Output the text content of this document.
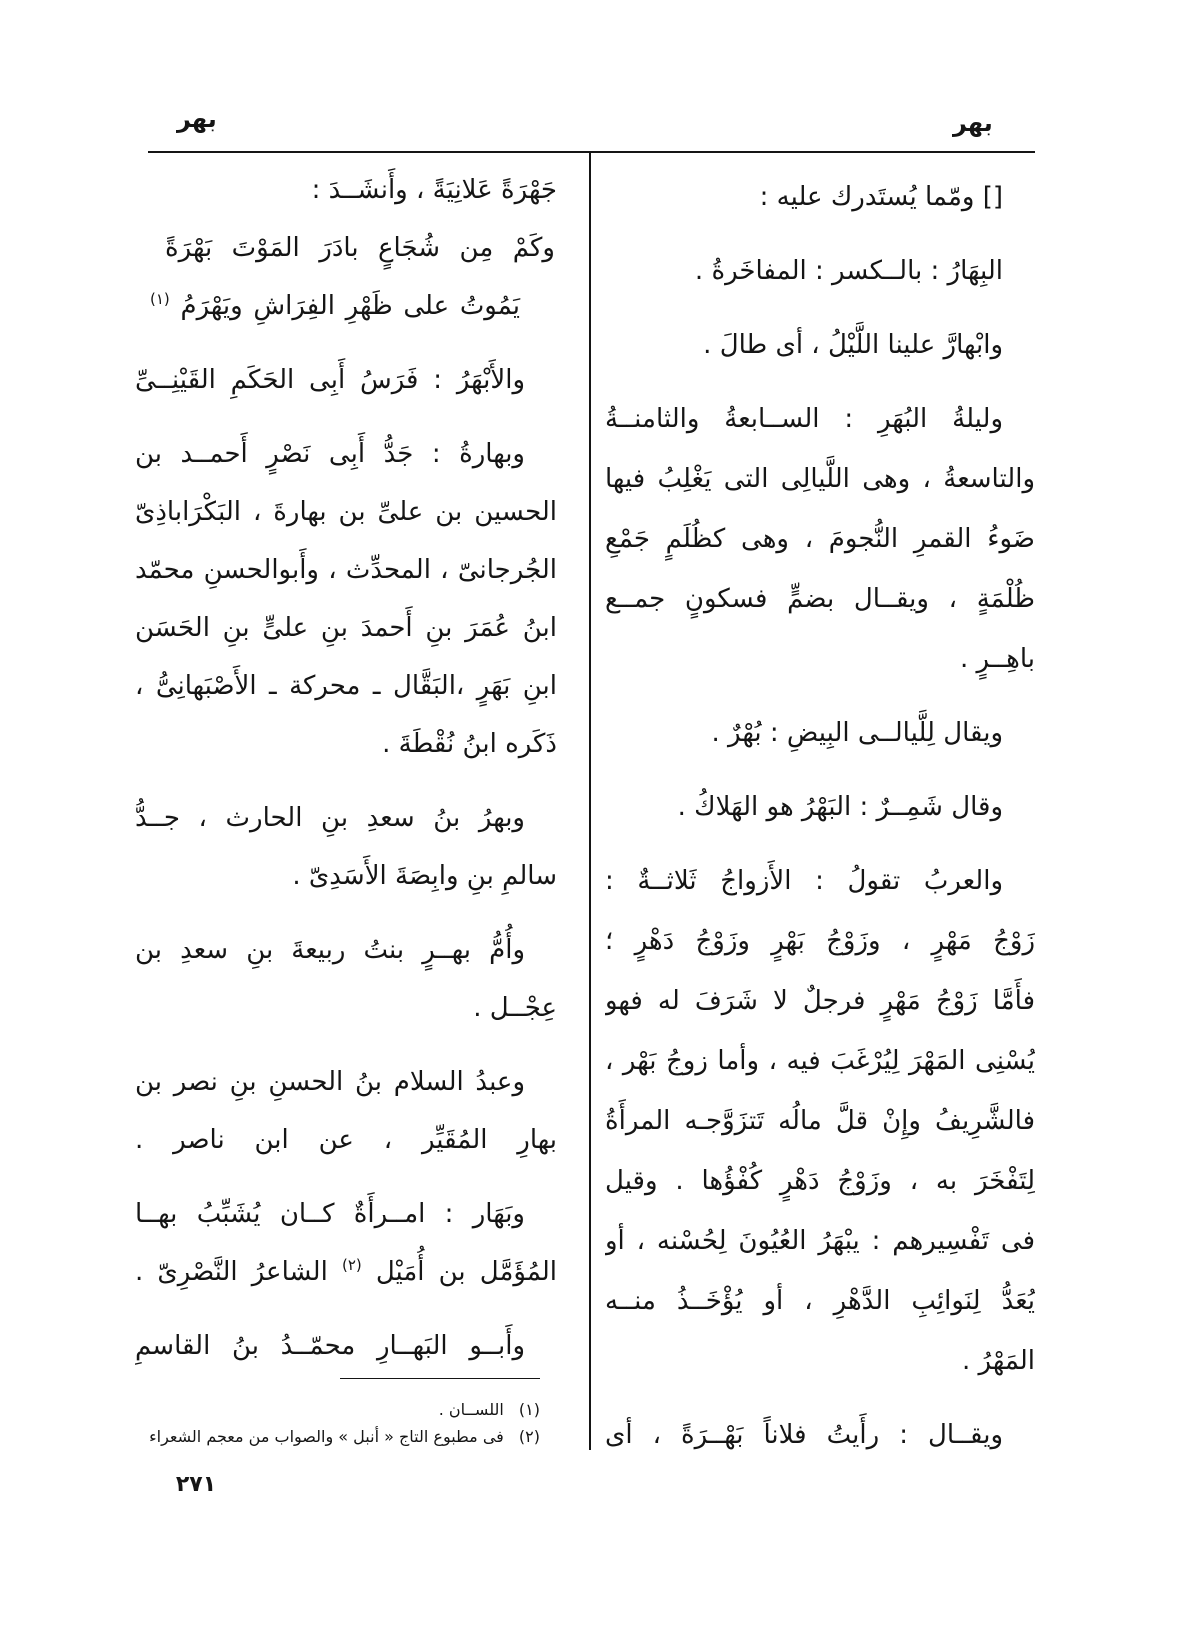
بهر
بهر
[] ومّما يُستَدرك عليه :
البِهَارُ : بالــكسر : المفاخَرةُ .
وابْهارَّ علينا اللَّيْلُ ، أى طالَ .
وليلةُ البُهَرِ : الســابعةُ والثامنــةُ
والتاسعةُ ، وهى اللَّيالِى التى يَغْلِبُ فيها
ضَوءُ القمرِ النُّجومَ ، وهى كظُلَمٍ جَمْعِ
ظُلْمَةٍ ، ويقــال بضمٍّ فسكونٍ جمــع
باهِــرٍ .
ويقال لِلَّيالــى البِيضِ : بُهْرٌ .
وقال شَمِــرٌ : البَهْرُ هو الهَلاكُ .
والعربُ تقولُ : الأَزواجُ ثَلاثــةٌ :
زَوْجُ مَهْرٍ ، وزَوْجُ بَهْرٍ وزَوْجُ دَهْرٍ ؛
فأَمَّا زَوْجُ مَهْرٍ فرجلٌ لا شَرَفَ له فهو
يُسْنِى المَهْرَ لِيُرْغَبَ فيه ، وأما زوجُ بَهْر ،
فالشَّرِيفُ وإِنْ قلَّ مالُه تَتزَوَّجـه المرأَةُ
لِتَفْخَرَ به ، وزَوْجُ دَهْرٍ كُفْؤُها . وقيل
فى تَفْسِيرهم : يبْهَرُ العُيُونَ لِحُسْنه ، أو
يُعَدُّ لِنَوائِبِ الدَّهْرِ ، أو يُؤْخَــذُ منــه
المَهْرُ .
ويقــال : رأَيتُ فلاناً بَهْــرَةً ، أى
جَهْرَةً عَلانِيَةً ، وأَنشَــدَ :
وكَمْ مِن شُجَاعٍ بادَرَ المَوْتَ بَهْرَةً
يَمُوتُ على ظَهْرِ الفِرَاشِ ويَهْرَمُ $^{(١)}$
والأَبْهَرُ : فَرَسُ أَبِى الحَكَمِ القَيْنِــىِّ
وبهارةُ : جَدُّ أَبِى نَصْرٍ أَحمــد بن
الحسين بن علىِّ بن بهارةَ ، البَكْرَاباذِىّ
الجُرجانىّ ، المحدِّث ، وأَبوالحسنِ محمّد
ابنُ عُمَرَ بنِ أَحمدَ بنِ علىٍّ بنِ الحَسَن
ابنِ بَهَرٍ ،البَقَّال ـ محركة ـ الأَصْبَهانِىُّ ،
ذَكَره ابنُ نُقْطَةَ .
وبهرُ بنُ سعدِ بنِ الحارث ، جــدُّ
سالمِ بنِ وابِصَةَ الأَسَدِىّ .
وأُمُّ بهــرٍ بنتُ ربيعةَ بنِ سعدِ بن
عِجْــل .
وعبدُ السلام بنُ الحسنِ بنِ نصر بن
بهارِ المُقَيِّر ، عن ابن ناصر .
وبَهَار : امــرأَةٌ كــان يُشَبِّبُ بهــا
المُؤَمَّل بن أُمَيْل $^{(٢)}$ الشاعرُ النَّصْرِىّ .
وأَبــو البَهــارِ محمّــدُ بنُ القاسمِ
(١) اللســان .
(٢) فى مطبوع التاج « أنبل » والصواب من معجم الشعراء
٢٧١
